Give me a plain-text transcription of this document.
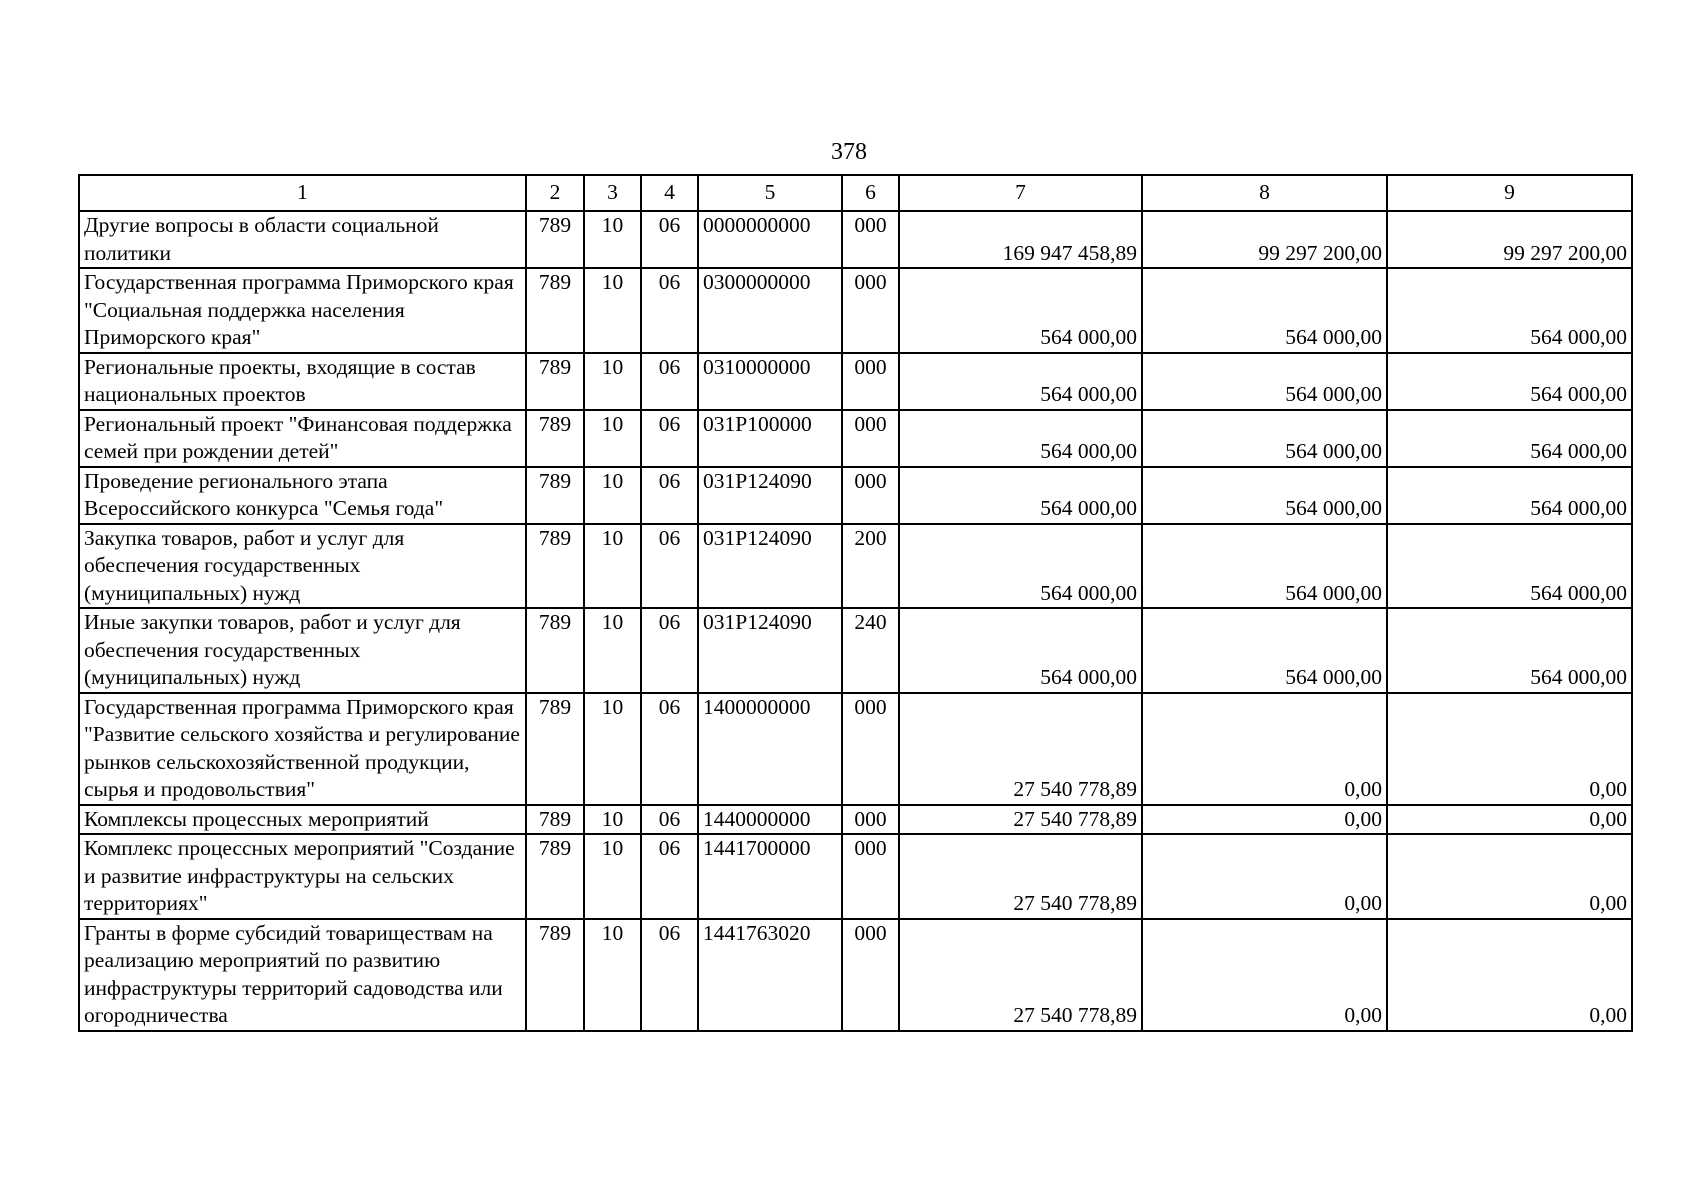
378
1	2	3	4	5	6	7	8	9
Другие вопросы в области социальной политики	789	10	06	0000000000	000	169 947 458,89	99 297 200,00	99 297 200,00
Государственная программа Приморского края "Социальная поддержка населения Приморского края"	789	10	06	0300000000	000	564 000,00	564 000,00	564 000,00
Региональные проекты, входящие в состав национальных проектов	789	10	06	0310000000	000	564 000,00	564 000,00	564 000,00
Региональный проект "Финансовая поддержка семей при рождении детей"	789	10	06	031P100000	000	564 000,00	564 000,00	564 000,00
Проведение регионального этапа Всероссийского конкурса "Семья года"	789	10	06	031P124090	000	564 000,00	564 000,00	564 000,00
Закупка товаров, работ и услуг для обеспечения государственных (муниципальных) нужд	789	10	06	031P124090	200	564 000,00	564 000,00	564 000,00
Иные закупки товаров, работ и услуг для обеспечения государственных (муниципальных) нужд	789	10	06	031P124090	240	564 000,00	564 000,00	564 000,00
Государственная программа Приморского края "Развитие сельского хозяйства и регулирование рынков сельскохозяйственной продукции, сырья и продовольствия"	789	10	06	1400000000	000	27 540 778,89	0,00	0,00
Комплексы процессных мероприятий	789	10	06	1440000000	000	27 540 778,89	0,00	0,00
Комплекс процессных мероприятий "Создание и развитие инфраструктуры на сельских территориях"	789	10	06	1441700000	000	27 540 778,89	0,00	0,00
Гранты в форме субсидий товариществам на реализацию мероприятий по развитию инфраструктуры территорий садоводства или огородничества	789	10	06	1441763020	000	27 540 778,89	0,00	0,00
